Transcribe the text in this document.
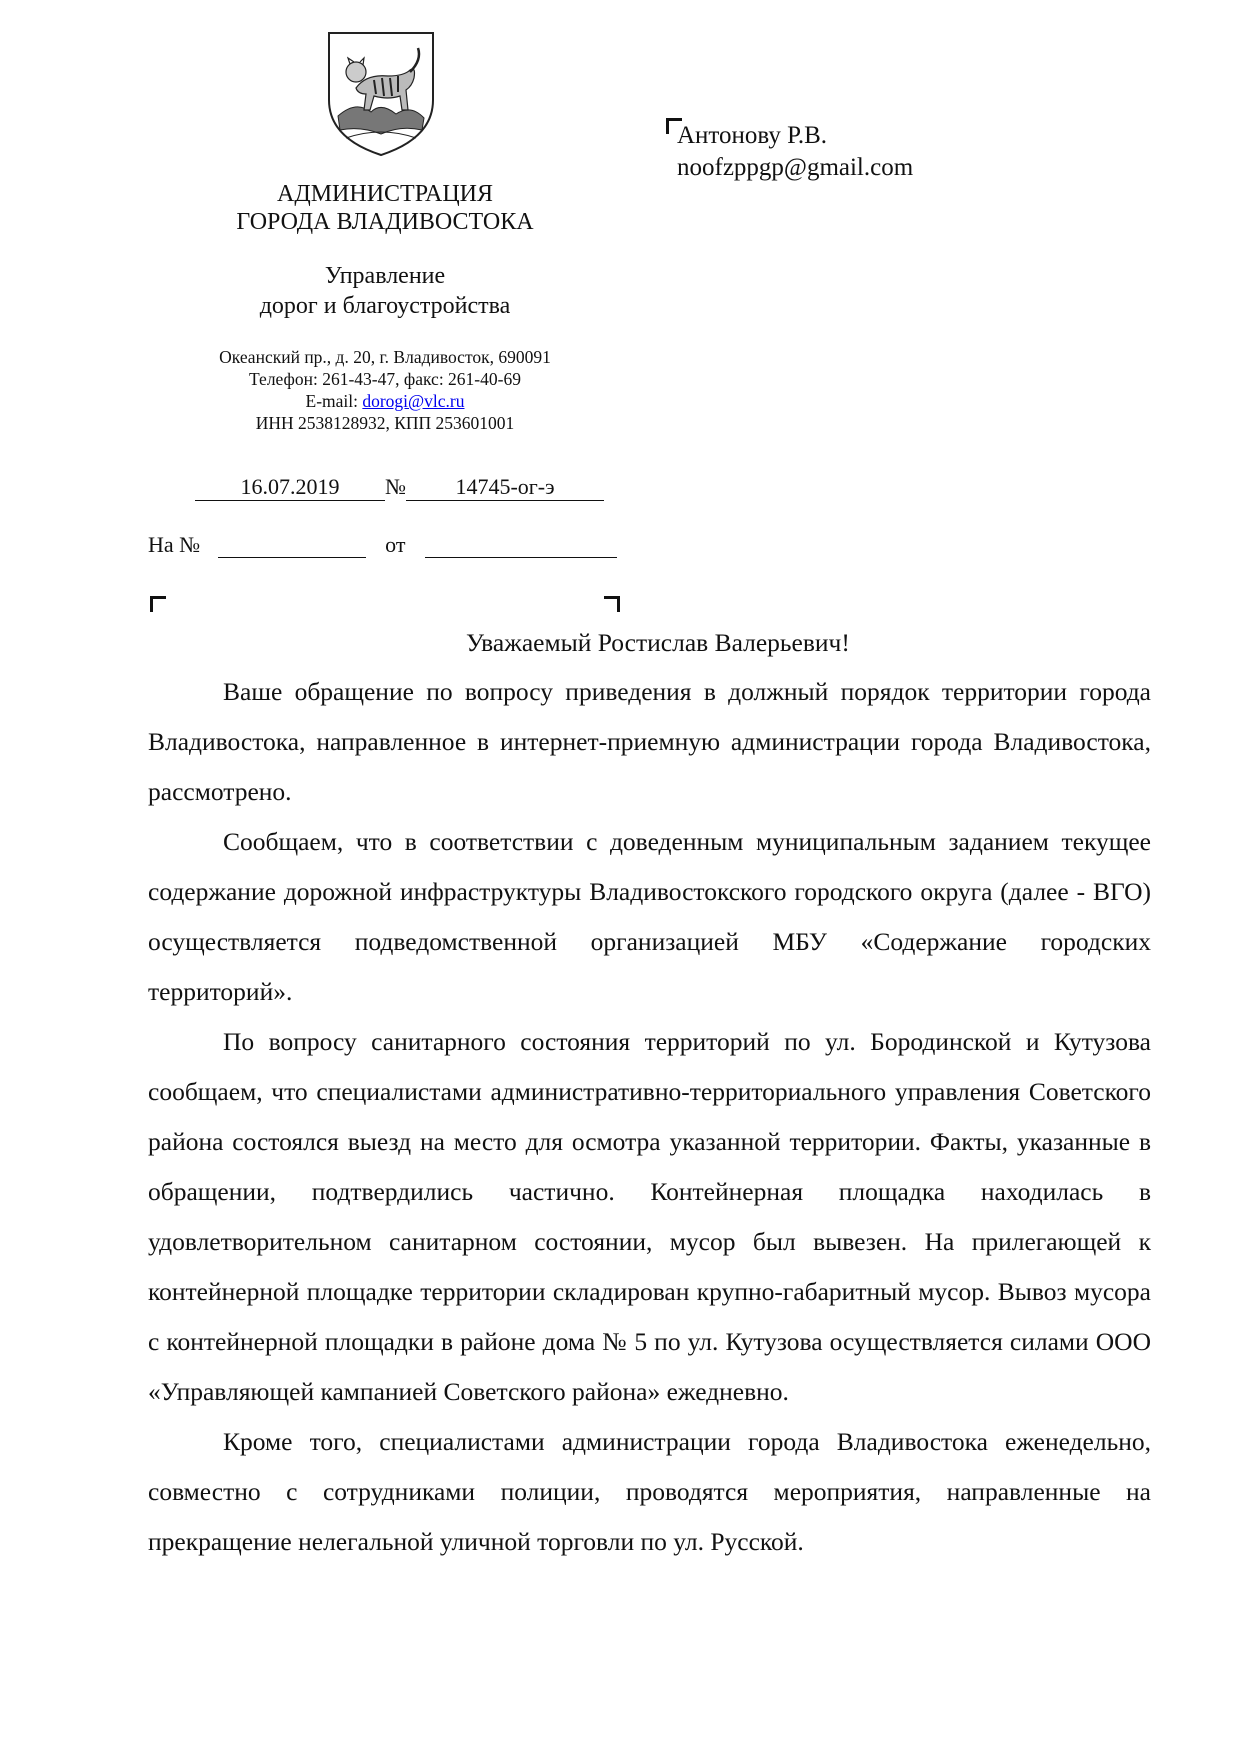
АДМИНИСТРАЦИЯ
ГОРОДА ВЛАДИВОСТОКА
Управление
дорог и благоустройства
Океанский пр., д. 20, г. Владивосток, 690091
Телефон: 261-43-47, факс: 261-40-69
E-mail: dorogi@vlc.ru
ИНН 2538128932, КПП 253601001
Антонову Р.В.
noofzppgp@gmail.com
16.07.2019 № 14745-ог-э
На №	от
Уважаемый Ростислав Валерьевич!

Ваше обращение по вопросу приведения в должный порядок территории города Владивостока, направленное в интернет-приемную администрации города Владивостока, рассмотрено.

Сообщаем, что в соответствии с доведенным муниципальным заданием текущее содержание дорожной инфраструктуры Владивостокского городского округа (далее - ВГО) осуществляется подведомственной организацией МБУ «Содержание городских территорий».

По вопросу санитарного состояния территорий по ул. Бородинской и Кутузова сообщаем, что специалистами административно-территориального управления Советского района состоялся выезд на место для осмотра указанной территории. Факты, указанные в обращении, подтвердились частично. Контейнерная площадка находилась в удовлетворительном санитарном состоянии, мусор был вывезен. На прилегающей к контейнерной площадке территории складирован крупно-габаритный мусор. Вывоз мусора с контейнерной площадки в районе дома № 5 по ул. Кутузова осуществляется силами ООО «Управляющей кампанией Советского района» ежедневно.

Кроме того, специалистами администрации города Владивостока еженедельно, совместно с сотрудниками полиции, проводятся мероприятия, направленные на прекращение нелегальной уличной торговли по ул. Русской.
